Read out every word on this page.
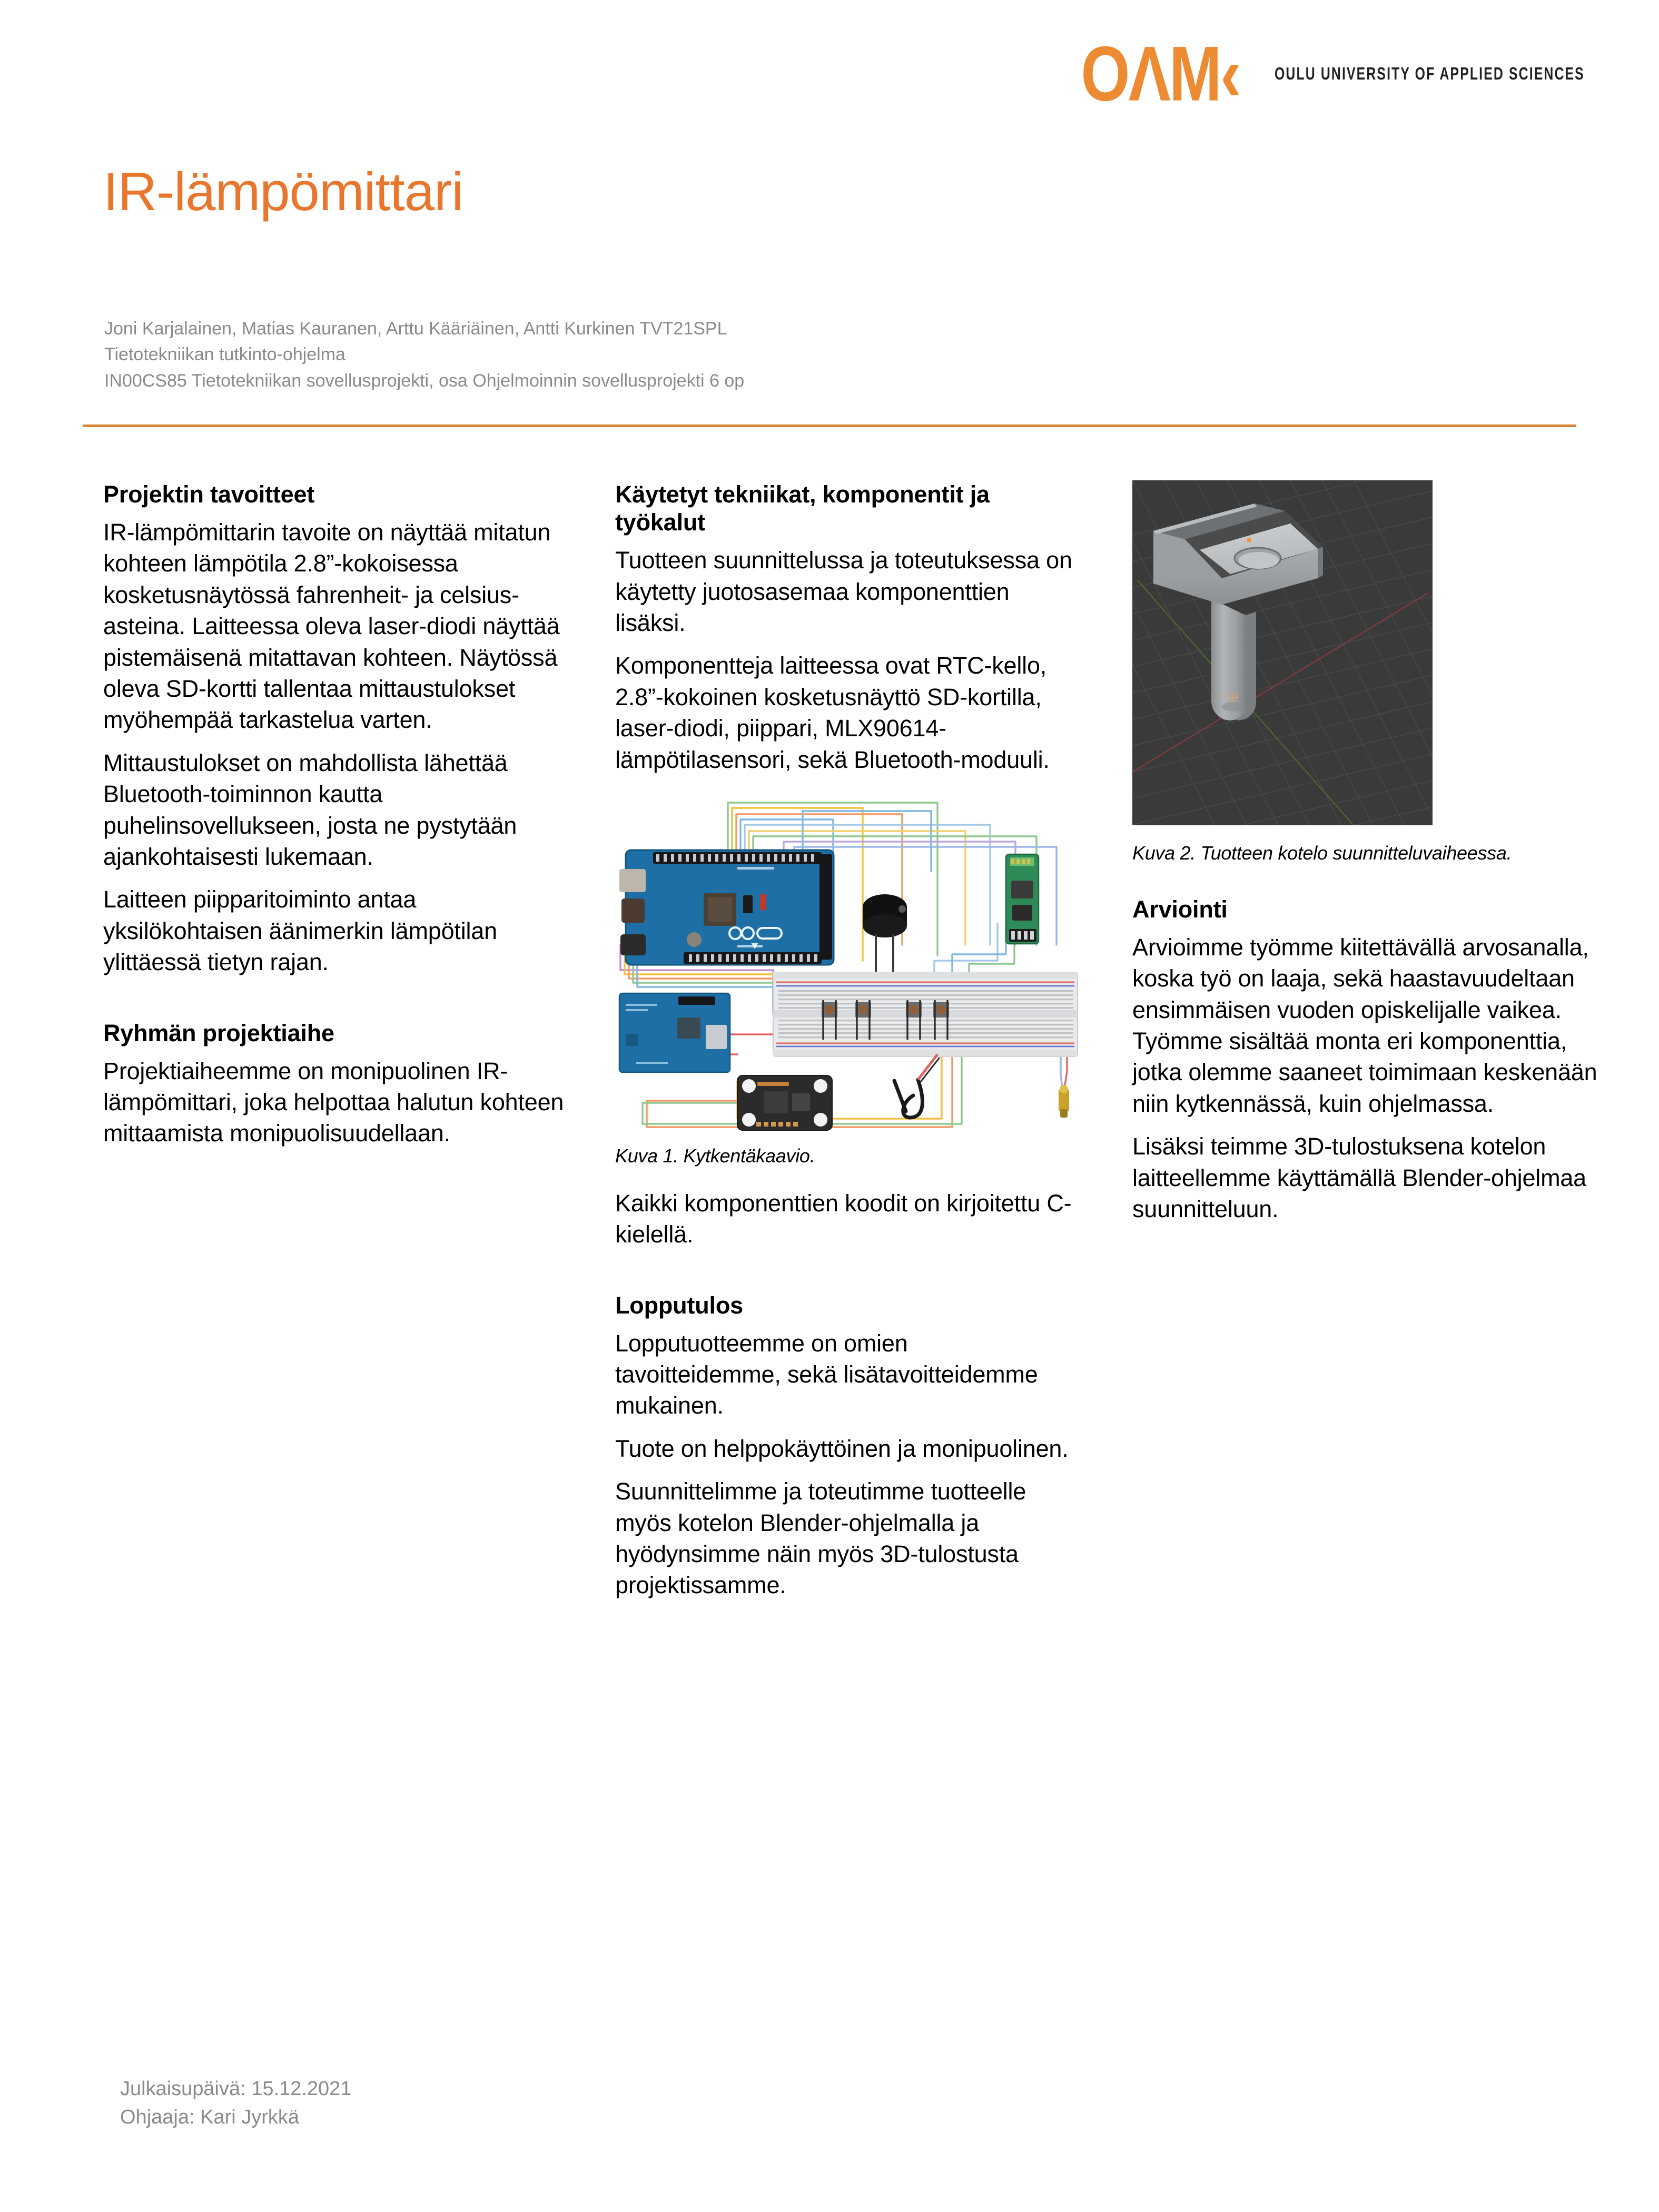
OΛM‹ OULU UNIVERSITY OF APPLIED SCIENCES
IR-lämpömittari
Joni Karjalainen, Matias Kauranen, Arttu Kääriäinen, Antti Kurkinen TVT21SPL
Tietotekniikan tutkinto-ohjelma
IN00CS85 Tietotekniikan sovellusprojekti, osa Ohjelmoinnin sovellusprojekti 6 op
Projektin tavoitteet

IR-lämpömittarin tavoite on näyttää mitatun kohteen lämpötila 2.8”-kokoisessa kosketusnäytössä fahrenheit- ja celsius-asteina. Laitteessa oleva laser-diodi näyttää pistemäisenä mitattavan kohteen. Näytössä oleva SD-kortti tallentaa mittaustulokset myöhempää tarkastelua varten.

Mittaustulokset on mahdollista lähettää Bluetooth-toiminnon kautta puhelinsovellukseen, josta ne pystytään ajankohtaisesti lukemaan.

Laitteen piipparitoiminto antaa yksilökohtaisen äänimerkin lämpötilan ylittäessä tietyn rajan.

Ryhmän projektiaihe

Projektiaiheemme on monipuolinen IR-lämpömittari, joka helpottaa halutun kohteen mittaamista monipuolisuudellaan.

Käytetyt tekniikat, komponentit ja työkalut

Tuotteen suunnittelussa ja toteutuksessa on käytetty juotosasemaa komponenttien lisäksi.

Komponentteja laitteessa ovat RTC-kello, 2.8”-kokoinen kosketusnäyttö SD-kortilla, laser-diodi, piippari, MLX90614-lämpötilasensori, sekä Bluetooth-moduuli.

Kuva 1. Kytkentäkaavio.

Kaikki komponenttien koodit on kirjoitettu C-kielellä.

Lopputulos

Lopputuotteemme on omien tavoitteidemme, sekä lisätavoitteidemme mukainen.

Tuote on helppokäyttöinen ja monipuolinen.

Suunnittelimme ja toteutimme tuotteelle myös kotelon Blender-ohjelmalla ja hyödynsimme näin myös 3D-tulostusta projektissamme.

Kuva 2. Tuotteen kotelo suunnitteluvaiheessa.
Arviointi

Arvioimme työmme kiitettävällä arvosanalla, koska työ on laaja, sekä haastavuudeltaan ensimmäisen vuoden opiskelijalle vaikea. Työmme sisältää monta eri komponenttia, jotka olemme saaneet toimimaan keskenään niin kytkennässä, kuin ohjelmassa.

Lisäksi teimme 3D-tulostuksena kotelon laitteellemme käyttämällä Blender-ohjelmaa suunnitteluun.

Julkaisupäivä: 15.12.2021
Ohjaaja: Kari Jyrkkä
